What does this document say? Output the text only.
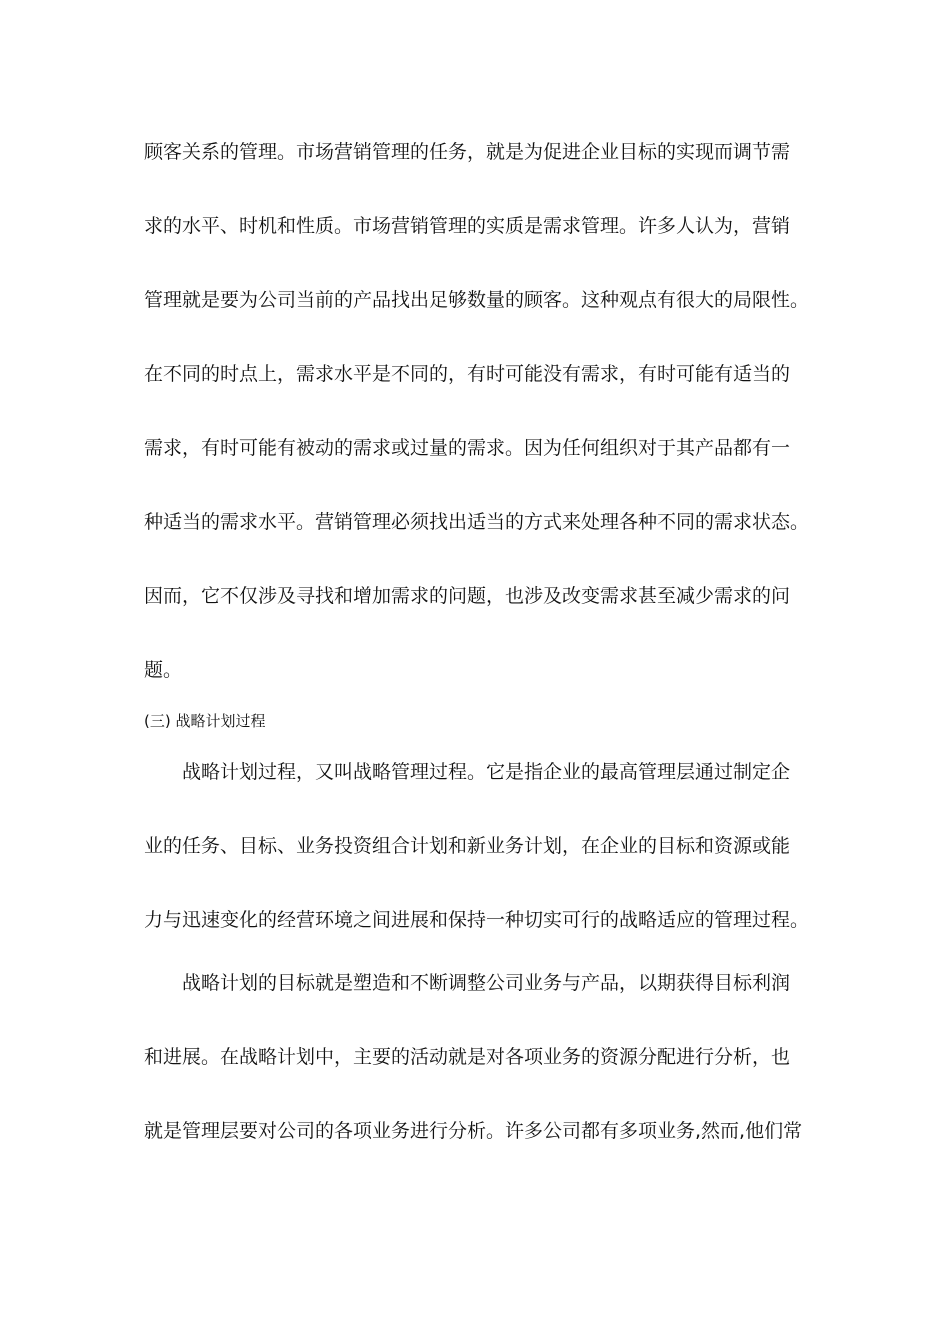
顾客关系的管理。市场营销管理的任务，就是为促进企业目标的实现而调节需
求的水平、时机和性质。市场营销管理的实质是需求管理。许多人认为，营销
管理就是要为公司当前的产品找出足够数量的顾客。这种观点有很大的局限性。
在不同的时点上，需求水平是不同的，有时可能没有需求，有时可能有适当的
需求，有时可能有被动的需求或过量的需求。因为任何组织对于其产品都有一
种适当的需求水平。营销管理必须找出适当的方式来处理各种不同的需求状态。
因而，它不仅涉及寻找和增加需求的问题，也涉及改变需求甚至减少需求的问
题。
(三) 战略计划过程
战略计划过程，又叫战略管理过程。它是指企业的最高管理层通过制定企
业的任务、目标、业务投资组合计划和新业务计划，在企业的目标和资源或能
力与迅速变化的经营环境之间进展和保持一种切实可行的战略适应的管理过程。
战略计划的目标就是塑造和不断调整公司业务与产品，以期获得目标利润
和进展。在战略计划中，主要的活动就是对各项业务的资源分配进行分析，也
就是管理层要对公司的各项业务进行分析。许多公司都有多项业务,然而,他们常
